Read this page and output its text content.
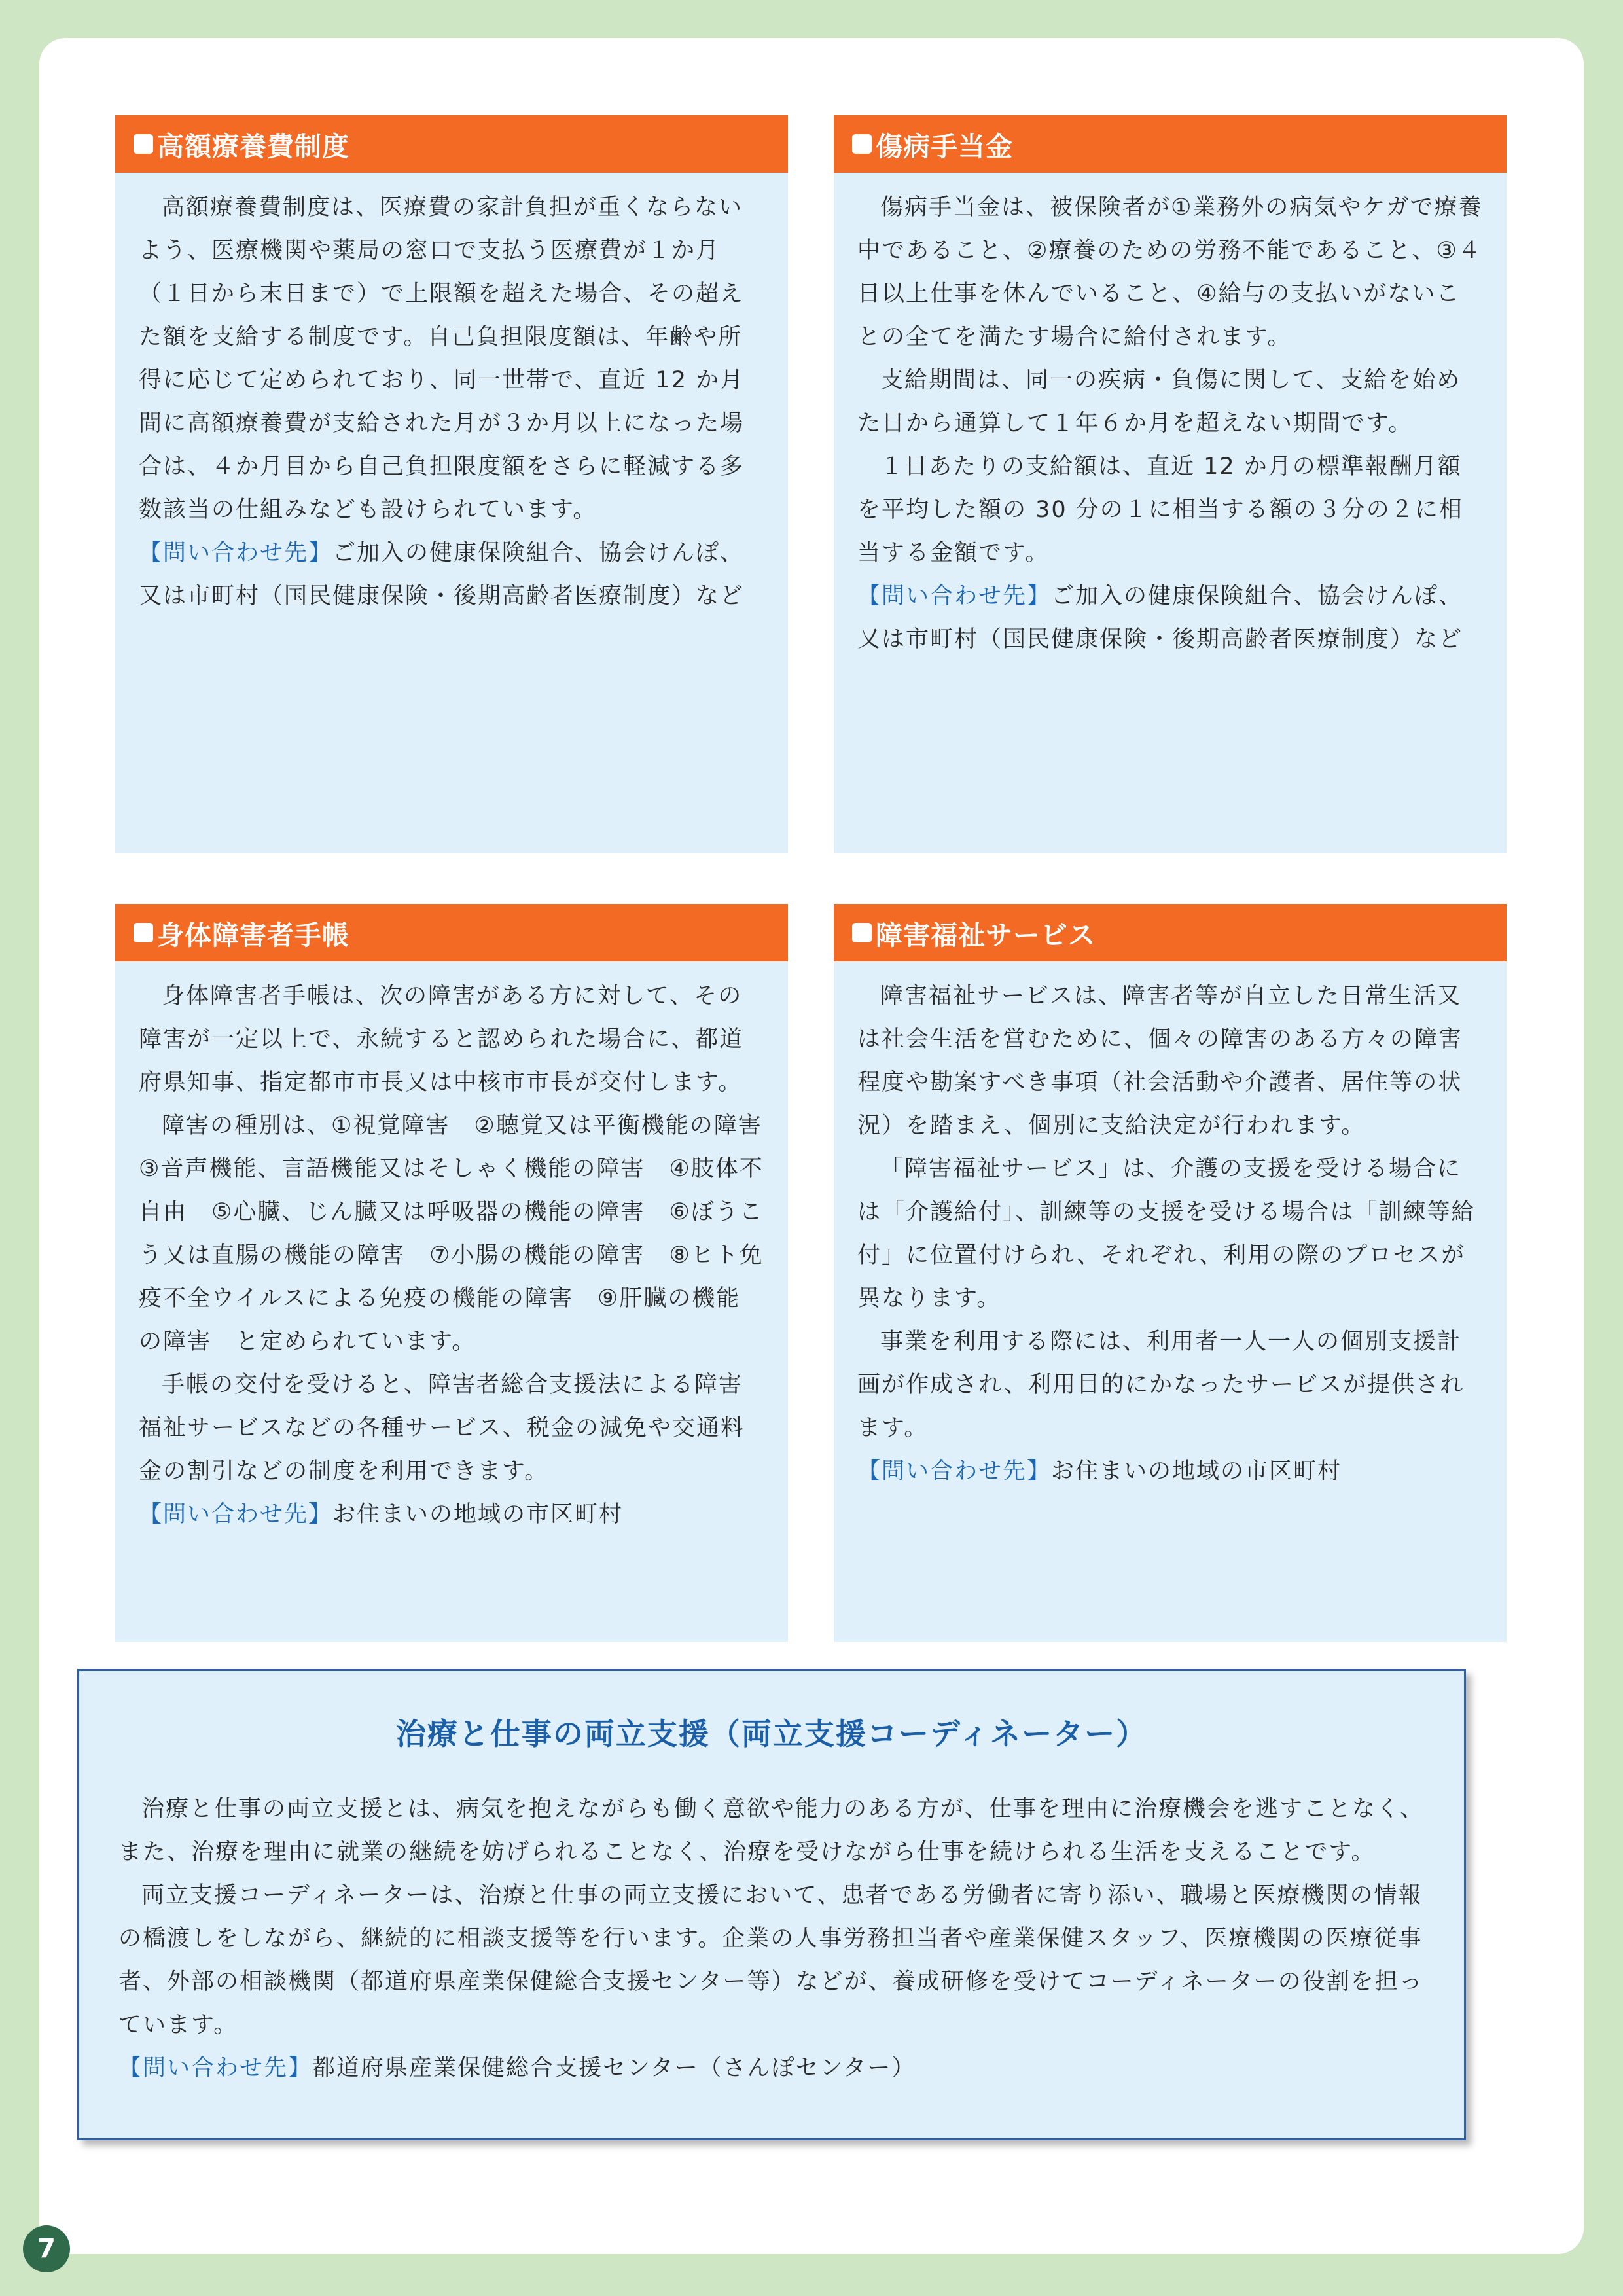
高額療養費制度

高額療養費制度は、医療費の家計負担が重くならないよう、医療機関や薬局の窓口で支払う医療費が１か月（１日から末日まで）で上限額を超えた場合、その超えた額を支給する制度です。自己負担限度額は、年齢や所得に応じて定められており、同一世帯で、直近 12 か月間に高額療養費が支給された月が３か月以上になった場合は、４か月目から自己負担限度額をさらに軽減する多数該当の仕組みなども設けられています。

【問い合わせ先】ご加入の健康保険組合、協会けんぽ、又は市町村（国民健康保険・後期高齢者医療制度）など

傷病手当金

傷病手当金は、被保険者が①業務外の病気やケガで療養中であること、②療養のための労務不能であること、③４日以上仕事を休んでいること、④給与の支払いがないことの全てを満たす場合に給付されます。

支給期間は、同一の疾病・負傷に関して、支給を始めた日から通算して１年６か月を超えない期間です。

１日あたりの支給額は、直近 12 か月の標準報酬月額を平均した額の 30 分の１に相当する額の３分の２に相当する金額です。

【問い合わせ先】ご加入の健康保険組合、協会けんぽ、又は市町村（国民健康保険・後期高齢者医療制度）など

身体障害者手帳

身体障害者手帳は、次の障害がある方に対して、その障害が一定以上で、永続すると認められた場合に、都道府県知事、指定都市市長又は中核市市長が交付します。

障害の種別は、①視覚障害　②聴覚又は平衡機能の障害　③音声機能、言語機能又はそしゃく機能の障害　④肢体不自由　⑤心臓、じん臓又は呼吸器の機能の障害　⑥ぼうこう又は直腸の機能の障害　⑦小腸の機能の障害　⑧ヒト免疫不全ウイルスによる免疫の機能の障害　⑨肝臓の機能の障害　と定められています。

手帳の交付を受けると、障害者総合支援法による障害福祉サービスなどの各種サービス、税金の減免や交通料金の割引などの制度を利用できます。

【問い合わせ先】お住まいの地域の市区町村

障害福祉サービス

障害福祉サービスは、障害者等が自立した日常生活又は社会生活を営むために、個々の障害のある方々の障害程度や勘案すべき事項（社会活動や介護者、居住等の状況）を踏まえ、個別に支給決定が行われます。

「障害福祉サービス」は、介護の支援を受ける場合には「介護給付」、訓練等の支援を受ける場合は「訓練等給付」に位置付けられ、それぞれ、利用の際のプロセスが異なります。

事業を利用する際には、利用者一人一人の個別支援計画が作成され、利用目的にかなったサービスが提供されます。

【問い合わせ先】お住まいの地域の市区町村

治療と仕事の両立支援（両立支援コーディネーター）

治療と仕事の両立支援とは、病気を抱えながらも働く意欲や能力のある方が、仕事を理由に治療機会を逃すことなく、また、治療を理由に就業の継続を妨げられることなく、治療を受けながら仕事を続けられる生活を支えることです。

両立支援コーディネーターは、治療と仕事の両立支援において、患者である労働者に寄り添い、職場と医療機関の情報の橋渡しをしながら、継続的に相談支援等を行います。企業の人事労務担当者や産業保健スタッフ、医療機関の医療従事者、外部の相談機関（都道府県産業保健総合支援センター等）などが、養成研修を受けてコーディネーターの役割を担っています。

【問い合わせ先】都道府県産業保健総合支援センター（さんぽセンター）

7
